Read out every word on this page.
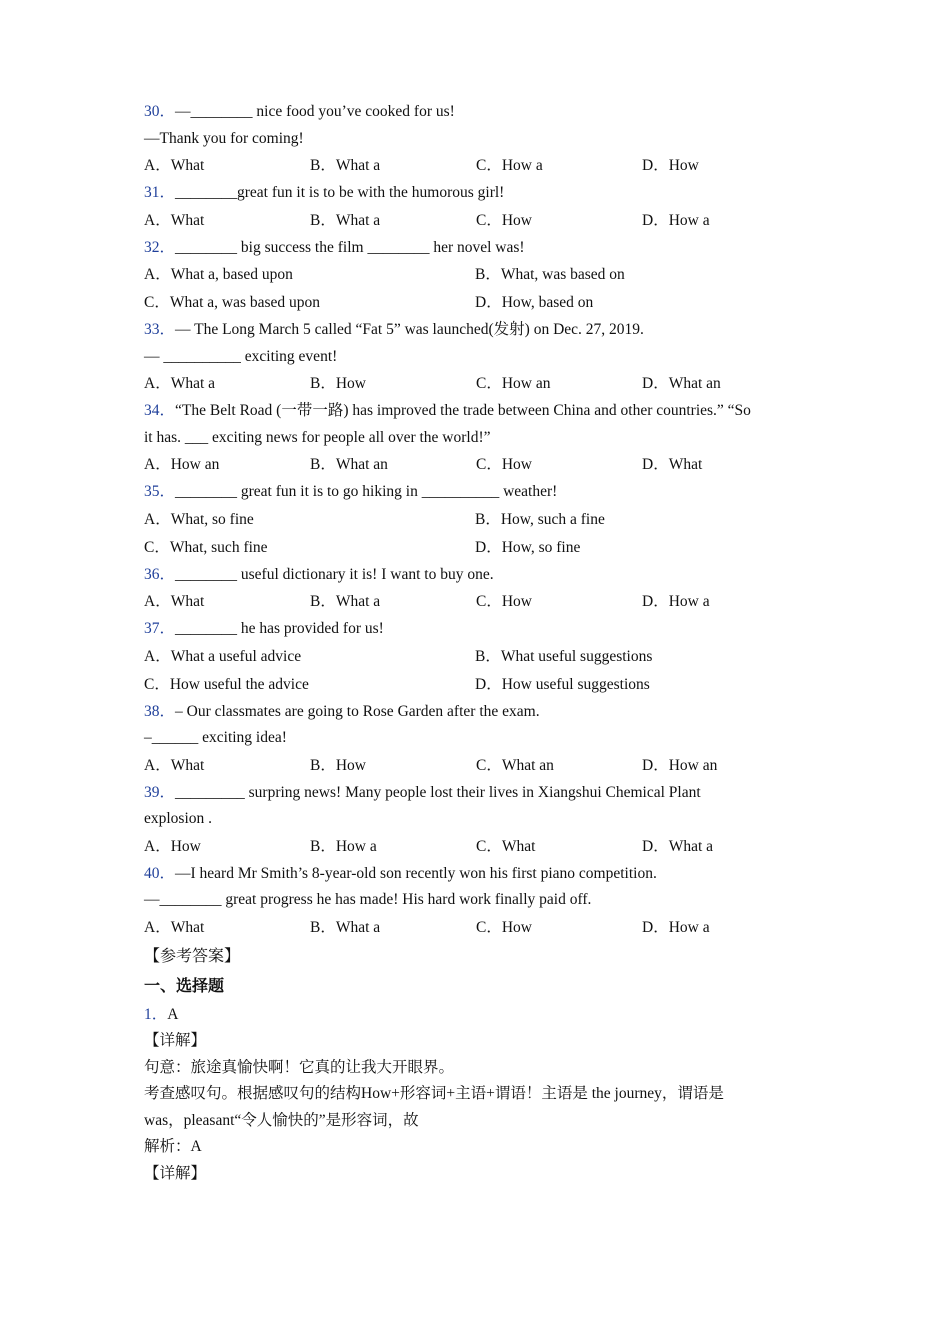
30．—________ nice food you’ve cooked for us!
—Thank you for coming!
A．What	B．What a	C．How a	D．How
31．________great fun it is to be with the humorous girl!
A．What	B．What a	C．How	D．How a
32．________ big success the film ________ her novel was!
A．What a, based upon	B．What, was based on
C．What a, was based upon	D．How, based on
33．— The Long March 5 called “Fat 5” was launched(发射) on Dec. 27, 2019.
— __________ exciting event!
A．What a	B．How	C．How an	D．What an
34．“The Belt Road (一带一路) has improved the trade between China and other countries.” “So
it has. ___ exciting news for people all over the world!”
A．How an	B．What an	C．How	D．What
35．________ great fun it is to go hiking in __________ weather!
A．What, so fine	B．How, such a fine
C．What, such fine	D．How, so fine
36．________ useful dictionary it is! I want to buy one.
A．What	B．What a	C．How	D．How a
37．________ he has provided for us!
A．What a useful advice	B．What useful suggestions
C．How useful the advice	D．How useful suggestions
38．– Our classmates are going to Rose Garden after the exam.
–______ exciting idea!
A．What	B．How	C．What an	D．How an
39．_________ surpring news! Many people lost their lives in Xiangshui Chemical Plant
explosion .
A．How	B．How a	C．What	D．What a
40．—I heard Mr Smith’s 8-year-old son recently won his first piano competition.
—________ great progress he has made! His hard work finally paid off.
A．What	B．What a	C．How	D．How a
【参考答案】
一、选择题
1．A
【详解】
句意：旅途真愉快啊！它真的让我大开眼界。
考查感叹句。根据感叹句的结构How+形容词+主语+谓语！主语是 the journey，谓语是
was，pleasant“令人愉快的”是形容词，故
解析：A
【详解】
